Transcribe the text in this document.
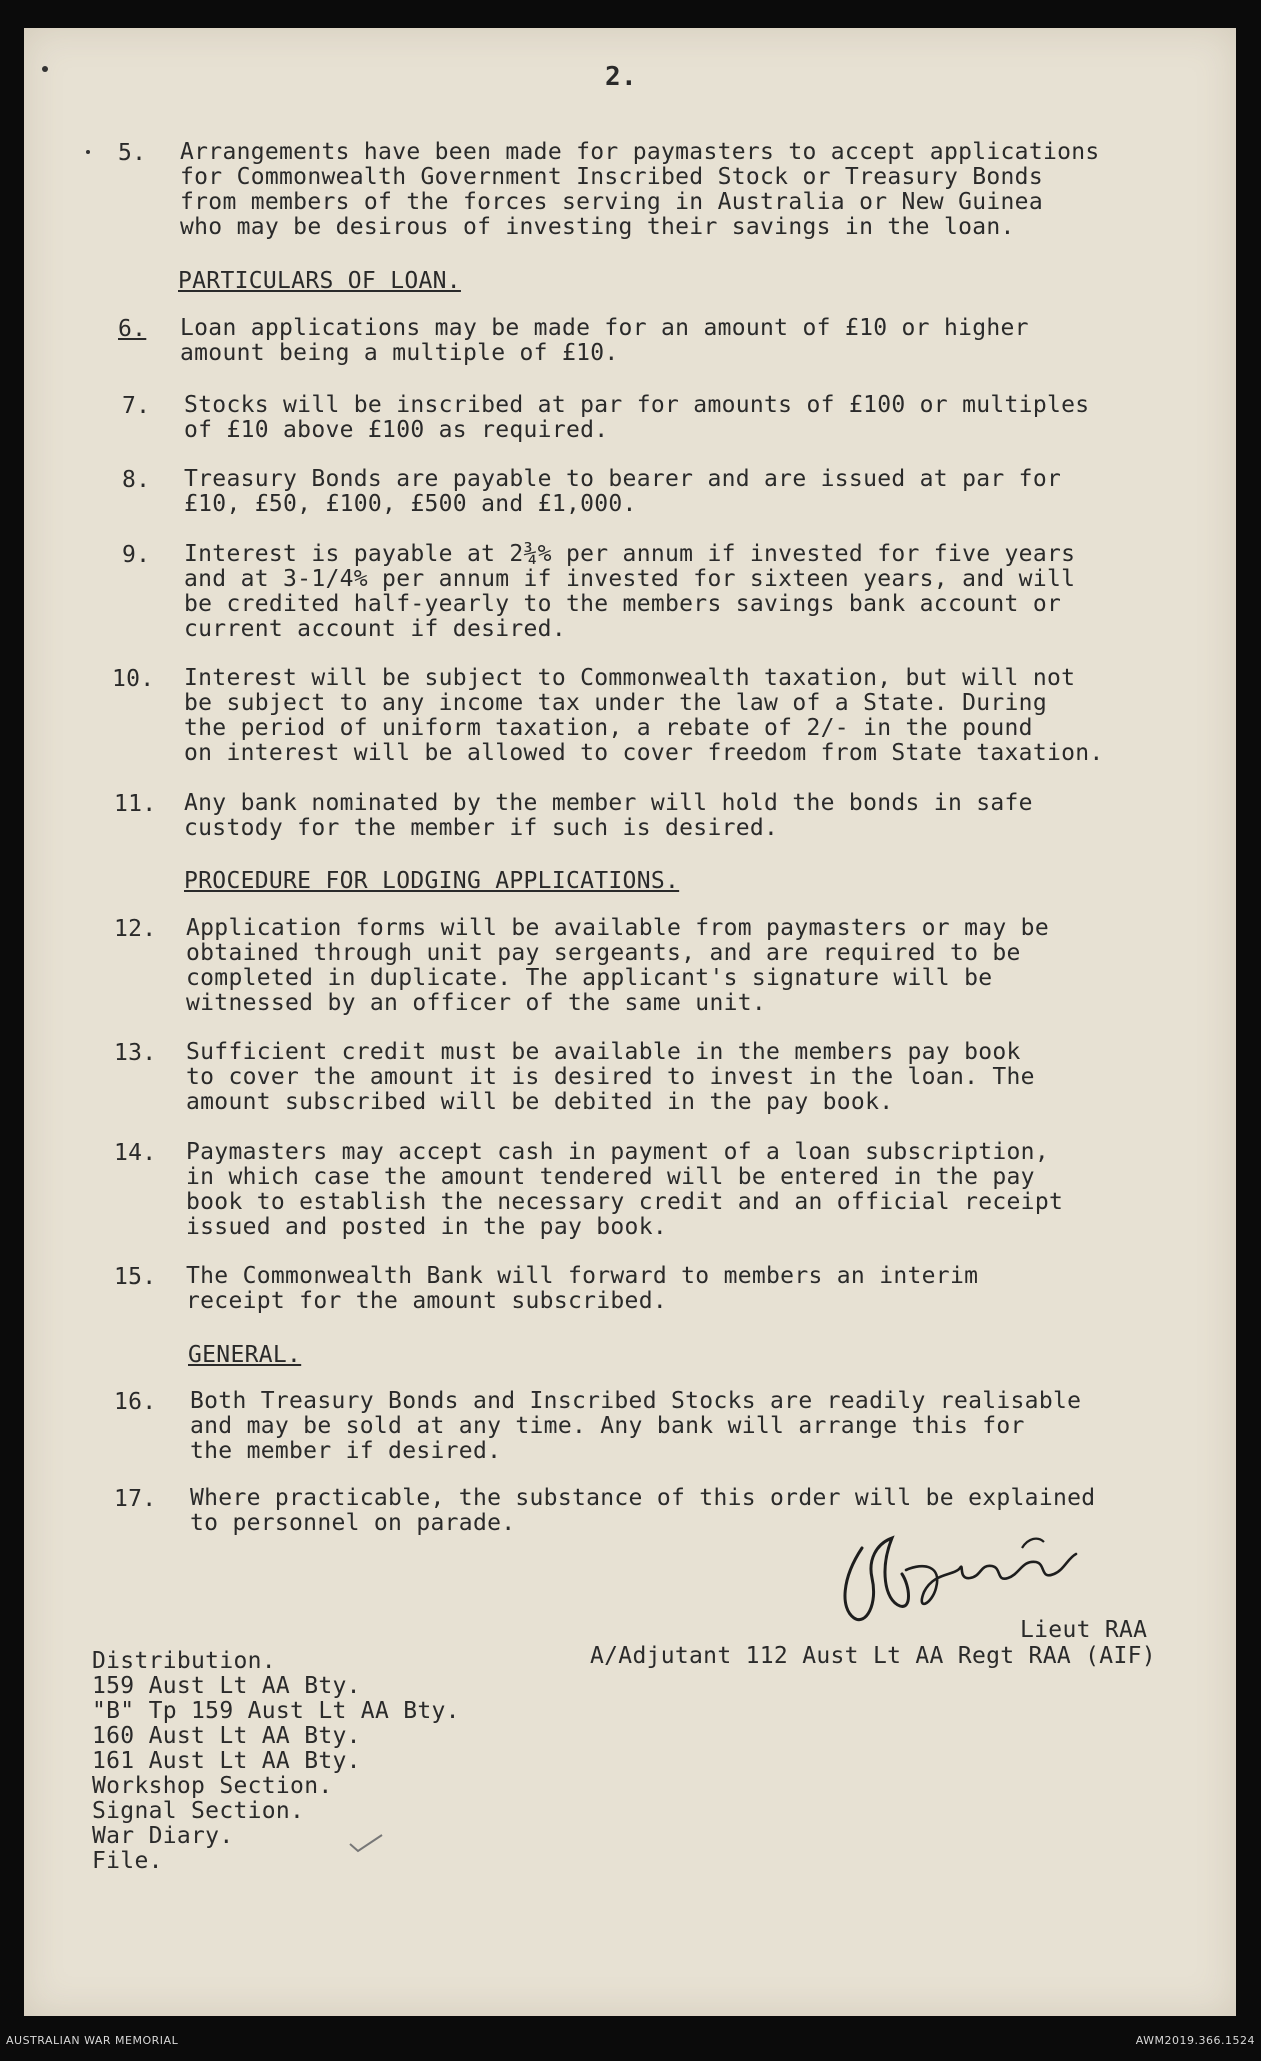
2.
5.	Arrangements have been made for paymasters to accept applications
for Commonwealth Government Inscribed Stock or Treasury Bonds
from members of the forces serving in Australia or New Guinea
who may be desirous of investing their savings in the loan.
PARTICULARS OF LOAN.
6.	Loan applications may be made for an amount of £10 or higher
amount being a multiple of £10.
7.	Stocks will be inscribed at par for amounts of £100 or multiples
of £10 above £100 as required.
8.	Treasury Bonds are payable to bearer and are issued at par for
£10, £50, £100, £500 and £1,000.
9.	Interest is payable at 2¾% per annum if invested for five years
and at 3-1/4% per annum if invested for sixteen years, and will
be credited half-yearly to the members savings bank account or
current account if desired.
10.	Interest will be subject to Commonwealth taxation, but will not
be subject to any income tax under the law of a State. During
the period of uniform taxation, a rebate of 2/- in the pound
on interest will be allowed to cover freedom from State taxation.
11.	Any bank nominated by the member will hold the bonds in safe
custody for the member if such is desired.
PROCEDURE FOR LODGING APPLICATIONS.
12.	Application forms will be available from paymasters or may be
obtained through unit pay sergeants, and are required to be
completed in duplicate. The applicant's signature will be
witnessed by an officer of the same unit.
13.	Sufficient credit must be available in the members pay book
to cover the amount it is desired to invest in the loan. The
amount subscribed will be debited in the pay book.
14.	Paymasters may accept cash in payment of a loan subscription,
in which case the amount tendered will be entered in the pay
book to establish the necessary credit and an official receipt
issued and posted in the pay book.
15.	The Commonwealth Bank will forward to members an interim
receipt for the amount subscribed.
GENERAL.
16.	Both Treasury Bonds and Inscribed Stocks are readily realisable
and may be sold at any time. Any bank will arrange this for
the member if desired.
17.	Where practicable, the substance of this order will be explained
to personnel on parade.
Lieut RAA
A/Adjutant 112 Aust Lt AA Regt RAA (AIF)
Distribution.
159 Aust Lt AA Bty.
"B" Tp 159 Aust Lt AA Bty.
160 Aust Lt AA Bty.
161 Aust Lt AA Bty.
Workshop Section.
Signal Section.
War Diary.
File.
AUSTRALIAN WAR MEMORIAL	AWM2019.366.1524
